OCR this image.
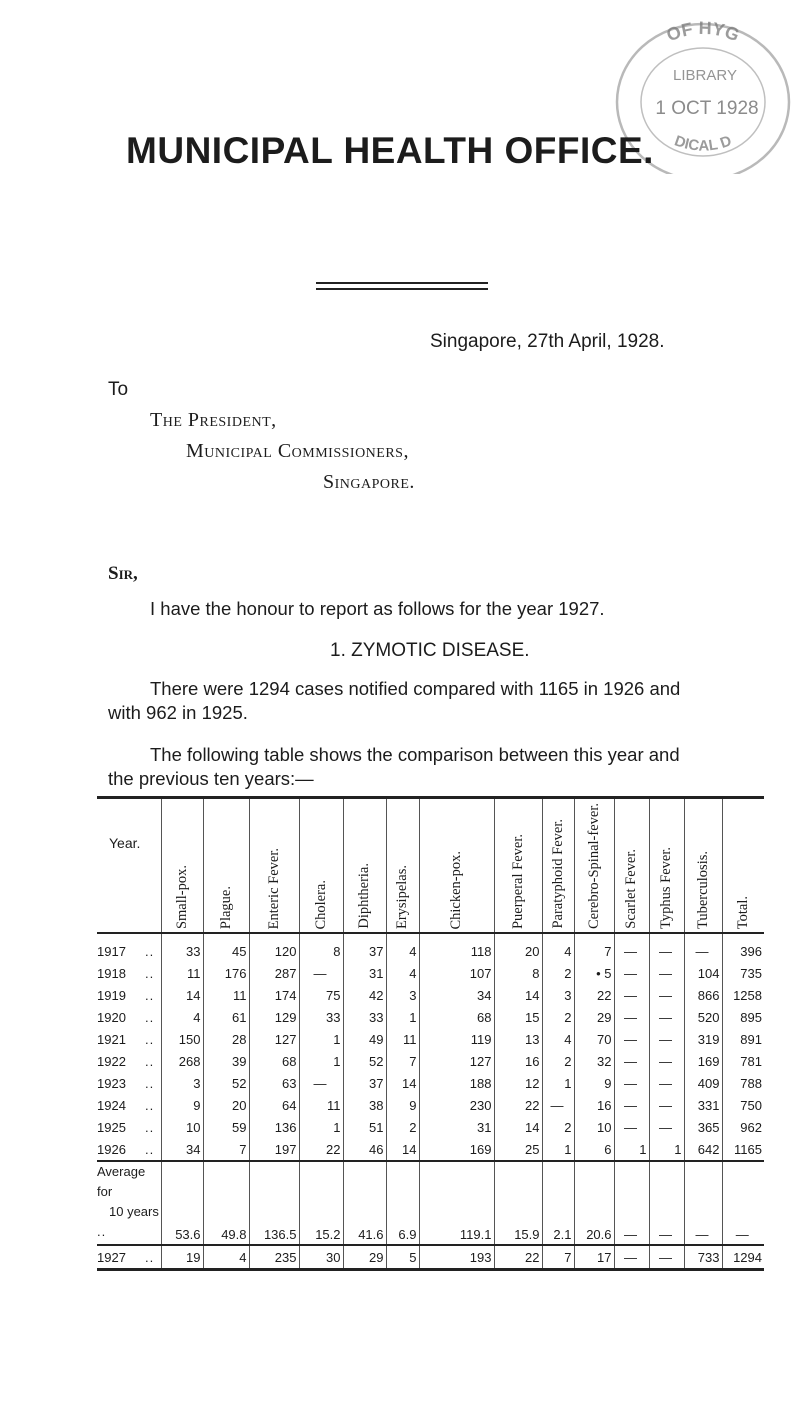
OF HYG
LIBRARY
1 OCT 1928
DICAL D
MUNICIPAL HEALTH OFFICE.
Singapore, 27th April, 1928.
To
The President,
Municipal Commissioners,
Singapore.
Sir,
I have the honour to report as follows for the year 1927.
1. ZYMOTIC DISEASE.
There were 1294 cases notified compared with 1165 in 1926 and
with 962 in 1925.
The following table shows the comparison between this year and
the previous ten years:—
Year.	Small-pox.	Plague.	Enteric Fever.	Cholera.	Diphtheria.	Erysipelas.	Chicken-pox.	Puerperal Fever.	Paratyphoid Fever.	Cerebro-Spinal-fever.	Scarlet Fever.	Typhus Fever.	Tuberculosis.	Total.
1917 ..	33	45	120	8	37	4	118	20	4	7	—	—	—	396
1918 ..	11	176	287	—	31	4	107	8	2	• 5	—	—	104	735
1919 ..	14	11	174	75	42	3	34	14	3	22	—	—	866	1258
1920 ..	4	61	129	33	33	1	68	15	2	29	—	—	520	895
1921 ..	150	28	127	1	49	11	119	13	4	70	—	—	319	891
1922 ..	268	39	68	1	52	7	127	16	2	32	—	—	169	781
1923 ..	3	52	63	—	37	14	188	12	1	9	—	—	409	788
1924 ..	9	20	64	11	38	9	230	22	—	16	—	—	331	750
1925 ..	10	59	136	1	51	2	31	14	2	10	—	—	365	962
1926 ..	34	7	197	22	46	14	169	25	1	6	1	1	642	1165

Average for
10 years..	53.6	49.8	136.5	15.2	41.6	6.9	119.1	15.9	2.1	20.6	—	—	—	—
1927 ..	19	4	235	30	29	5	193	22	7	17	—	—	733	1294
